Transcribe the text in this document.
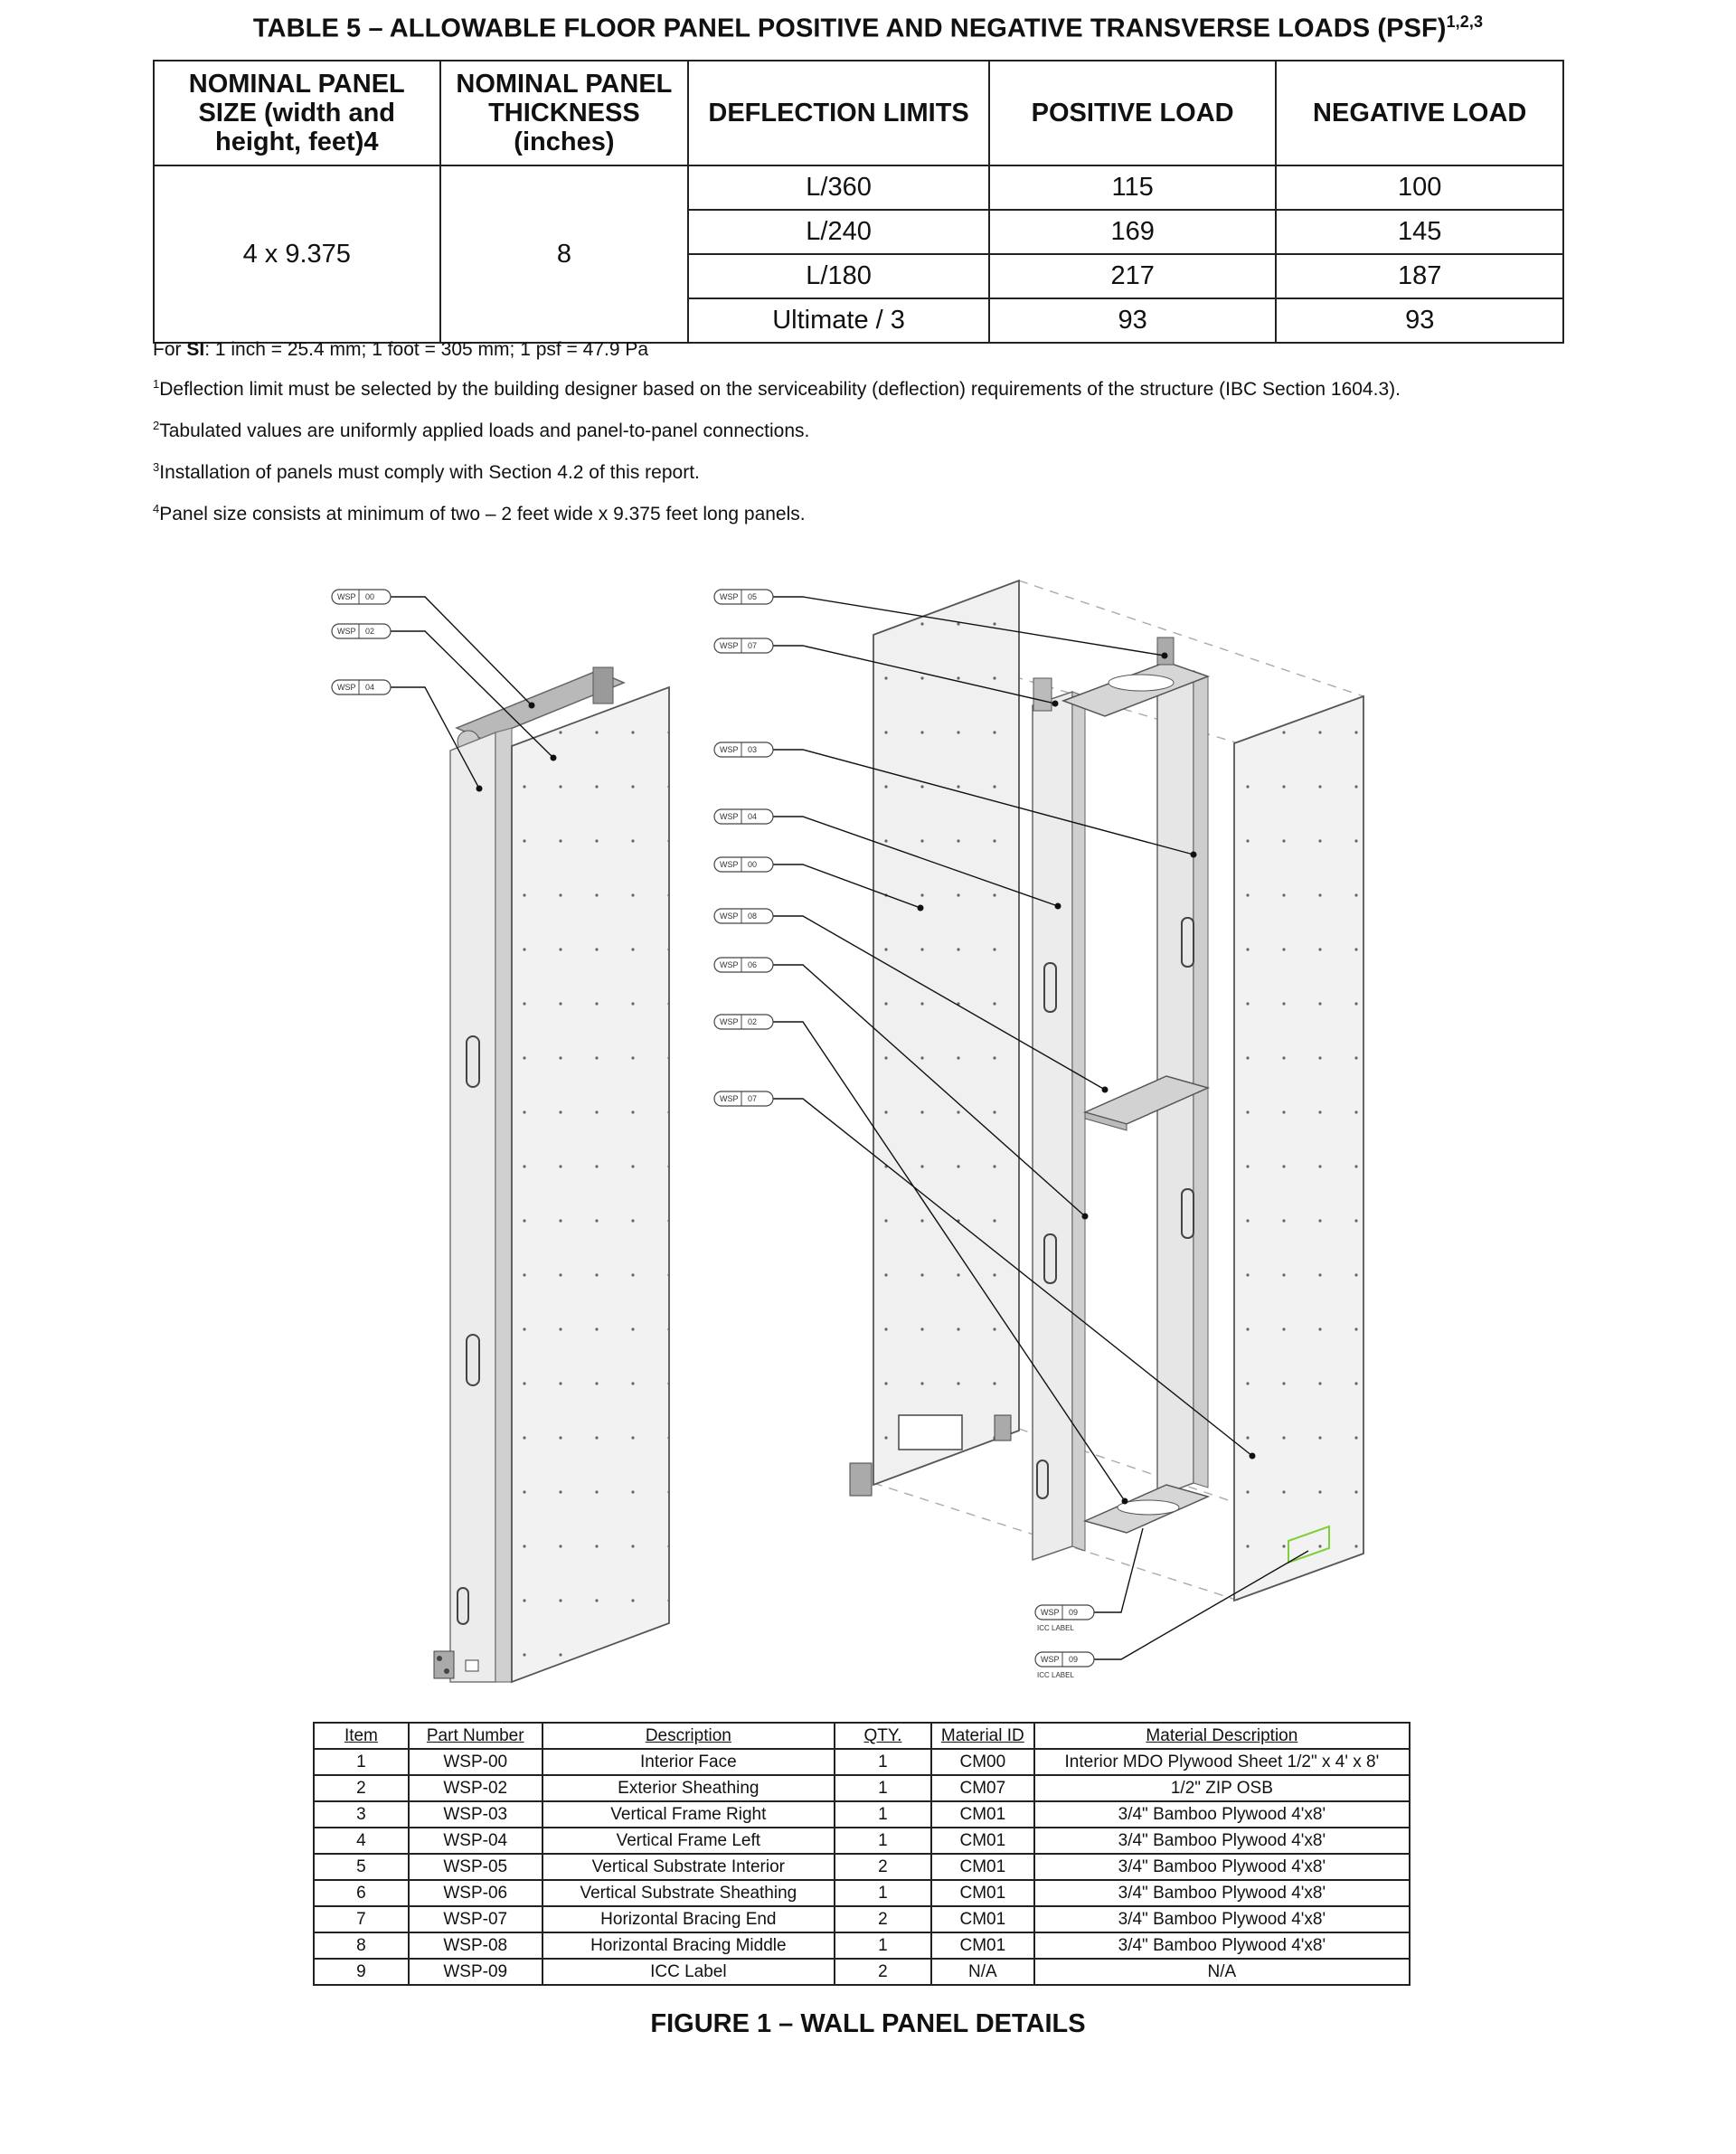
TABLE 5 – ALLOWABLE FLOOR PANEL POSITIVE AND NEGATIVE TRANSVERSE LOADS (PSF)$^{1,2,3}$
NOMINAL PANEL
SIZE (width and
height, feet)4	NOMINAL PANEL
THICKNESS
(inches)	DEFLECTION LIMITS	POSITIVE LOAD	NEGATIVE LOAD
4 x 9.375	8	L/360	115	100
		L/240	169	145
		L/180	217	187
		Ultimate / 3	93	93

For SI: 1 inch = 25.4 mm; 1 foot = 305 mm; 1 psf = 47.9 Pa

$^1$Deflection limit must be selected by the building designer based on the serviceability (deflection) requirements of the structure (IBC Section 1604.3).

$^2$Tabulated values are uniformly applied loads and panel-to-panel connections.

$^3$Installation of panels must comply with Section 4.2 of this report.

$^4$Panel size consists at minimum of two – 2 feet wide x 9.375 feet long panels.

WSP 00
WSP 02
WSP 04
WSP 05
WSP 07
WSP 03
WSP 04
WSP 00
WSP 08
WSP 06
WSP 02
WSP 07
WSP 09
ICC LABEL
WSP 09
ICC LABEL
Item	Part Number	Description	QTY.	Material ID	Material Description
1	WSP-00	Interior Face	1	CM00	Interior MDO Plywood Sheet 1/2" x 4' x 8'
2	WSP-02	Exterior Sheathing	1	CM07	1/2" ZIP OSB
3	WSP-03	Vertical Frame Right	1	CM01	3/4" Bamboo Plywood 4'x8'
4	WSP-04	Vertical Frame Left	1	CM01	3/4" Bamboo Plywood 4'x8'
5	WSP-05	Vertical Substrate Interior	2	CM01	3/4" Bamboo Plywood 4'x8'
6	WSP-06	Vertical Substrate Sheathing	1	CM01	3/4" Bamboo Plywood 4'x8'
7	WSP-07	Horizontal Bracing End	2	CM01	3/4" Bamboo Plywood 4'x8'
8	WSP-08	Horizontal Bracing Middle	1	CM01	3/4" Bamboo Plywood 4'x8'
9	WSP-09	ICC Label	2	N/A	N/A
FIGURE 1 – WALL PANEL DETAILS
